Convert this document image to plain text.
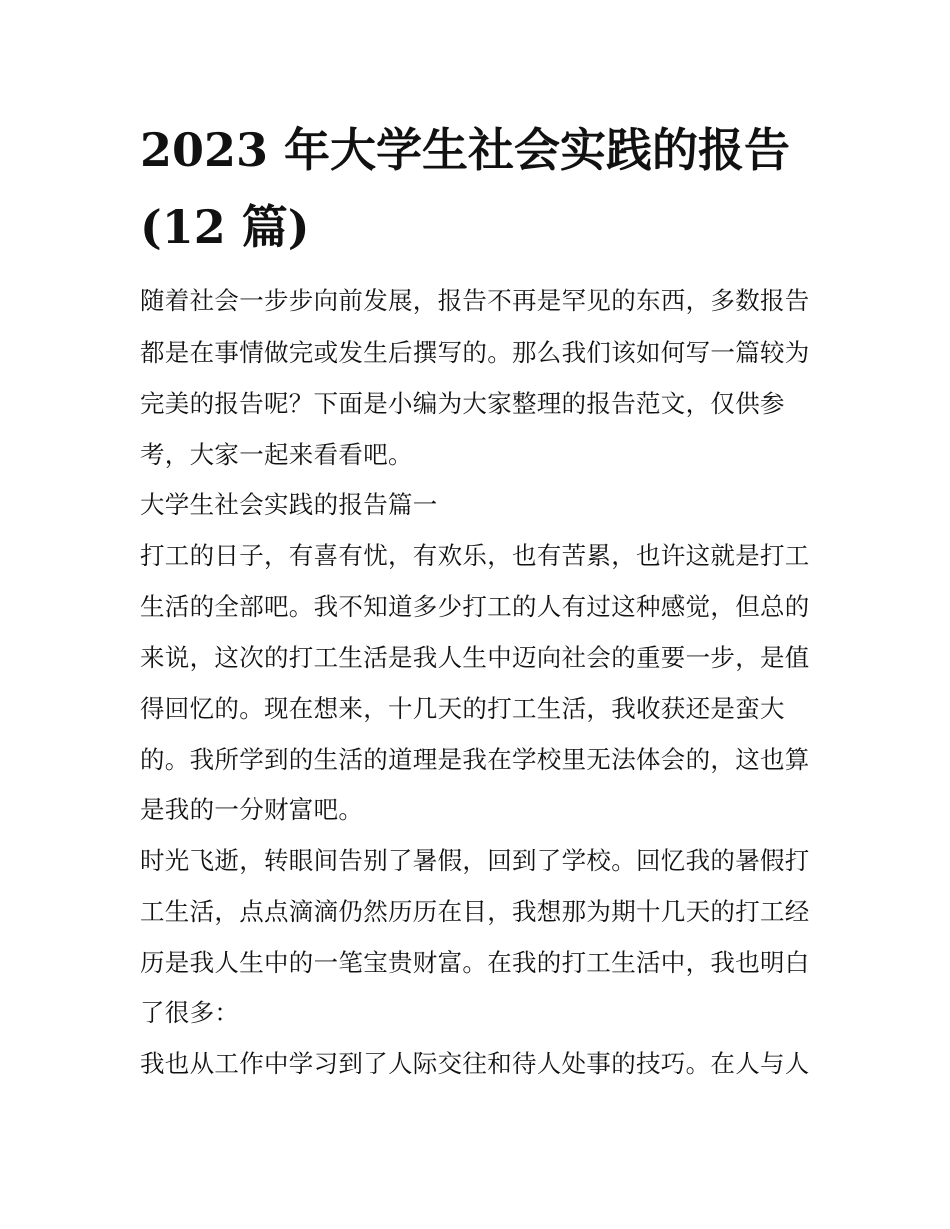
2023 年大学生社会实践的报告
(12 篇)

随着社会一步步向前发展，报告不再是罕见的东西，多数报告

都是在事情做完或发生后撰写的。那么我们该如何写一篇较为

完美的报告呢？下面是小编为大家整理的报告范文，仅供参

考，大家一起来看看吧。

大学生社会实践的报告篇一

打工的日子，有喜有忧，有欢乐，也有苦累，也许这就是打工

生活的全部吧。我不知道多少打工的人有过这种感觉，但总的

来说，这次的打工生活是我人生中迈向社会的重要一步，是值

得回忆的。现在想来，十几天的打工生活，我收获还是蛮大

的。我所学到的生活的道理是我在学校里无法体会的，这也算

是我的一分财富吧。

时光飞逝，转眼间告别了暑假，回到了学校。回忆我的暑假打

工生活，点点滴滴仍然历历在目，我想那为期十几天的打工经

历是我人生中的一笔宝贵财富。在我的打工生活中，我也明白

了很多：

我也从工作中学习到了人际交往和待人处事的技巧。在人与人
